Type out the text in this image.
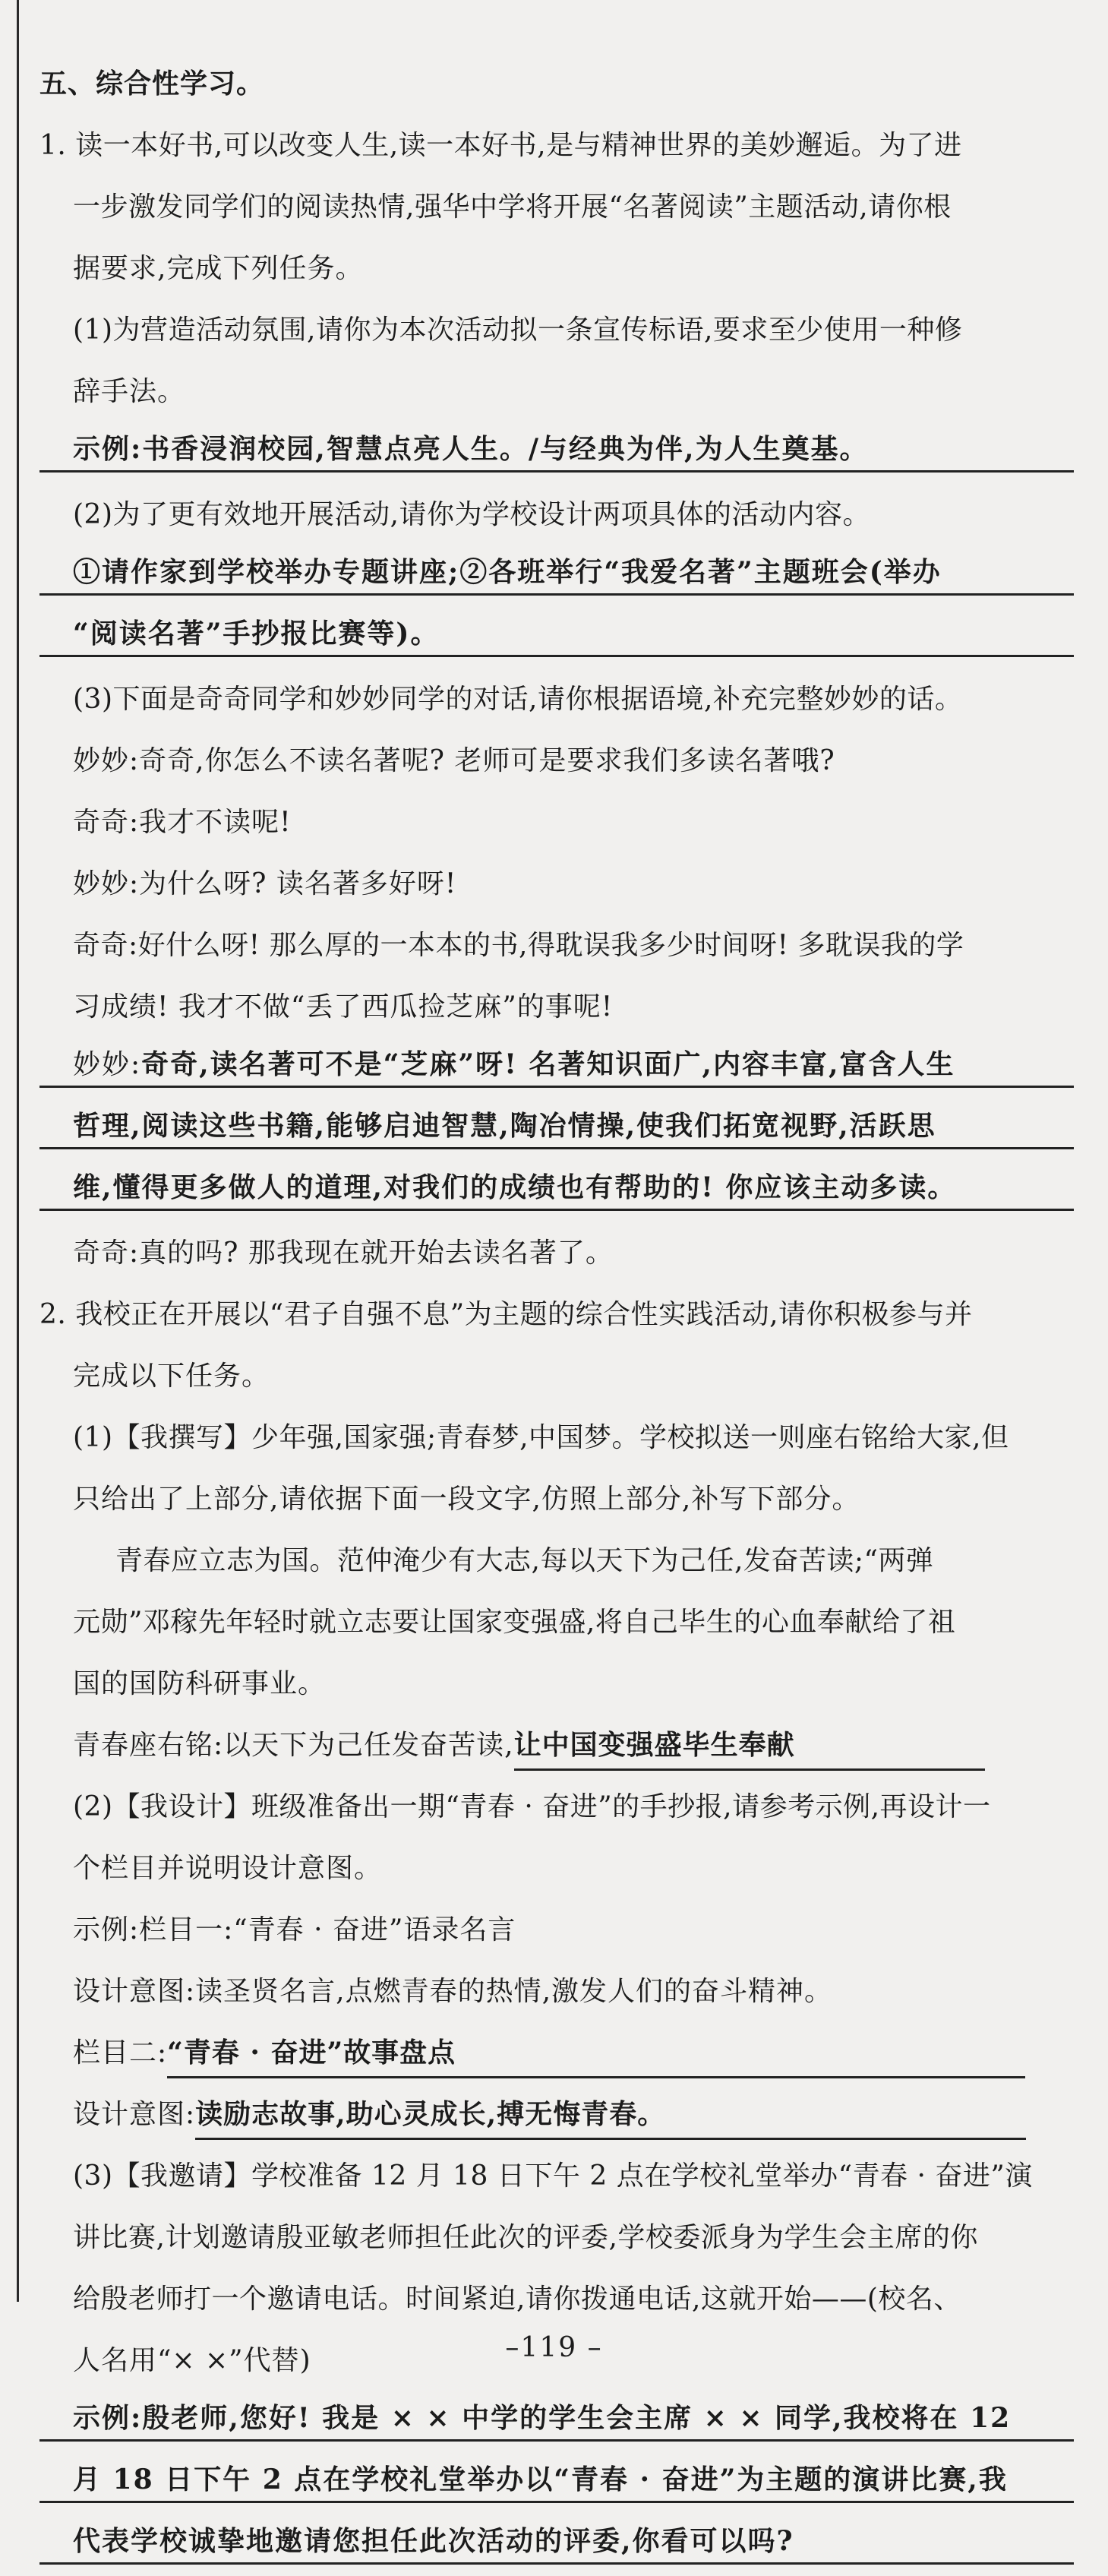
五、综合性学习。
1. 读一本好书,可以改变人生,读一本好书,是与精神世界的美妙邂逅。为了进
一步激发同学们的阅读热情,强华中学将开展“名著阅读”主题活动,请你根
据要求,完成下列任务。
(1)为营造活动氛围,请你为本次活动拟一条宣传标语,要求至少使用一种修
辞手法。
示例:书香浸润校园,智慧点亮人生。/与经典为伴,为人生奠基。
(2)为了更有效地开展活动,请你为学校设计两项具体的活动内容。
①请作家到学校举办专题讲座;②各班举行“我爱名著”主题班会(举办
“阅读名著”手抄报比赛等)。
(3)下面是奇奇同学和妙妙同学的对话,请你根据语境,补充完整妙妙的话。
妙妙:奇奇,你怎么不读名著呢? 老师可是要求我们多读名著哦?
奇奇:我才不读呢!
妙妙:为什么呀? 读名著多好呀!
奇奇:好什么呀! 那么厚的一本本的书,得耽误我多少时间呀! 多耽误我的学
习成绩! 我才不做“丢了西瓜捡芝麻”的事呢!
妙妙:奇奇,读名著可不是“芝麻”呀! 名著知识面广,内容丰富,富含人生
哲理,阅读这些书籍,能够启迪智慧,陶冶情操,使我们拓宽视野,活跃思
维,懂得更多做人的道理,对我们的成绩也有帮助的! 你应该主动多读。
奇奇:真的吗? 那我现在就开始去读名著了。
2. 我校正在开展以“君子自强不息”为主题的综合性实践活动,请你积极参与并
完成以下任务。
(1)【我撰写】少年强,国家强;青春梦,中国梦。学校拟送一则座右铭给大家,但
只给出了上部分,请依据下面一段文字,仿照上部分,补写下部分。
青春应立志为国。范仲淹少有大志,每以天下为己任,发奋苦读;“两弹
元勋”邓稼先年轻时就立志要让国家变强盛,将自己毕生的心血奉献给了祖
国的国防科研事业。
青春座右铭:以天下为己任发奋苦读,让中国变强盛毕生奉献
(2)【我设计】班级准备出一期“青春 · 奋进”的手抄报,请参考示例,再设计一
个栏目并说明设计意图。
示例:栏目一:“青春 · 奋进”语录名言
设计意图:读圣贤名言,点燃青春的热情,激发人们的奋斗精神。
栏目二:“青春 · 奋进”故事盘点
设计意图:读励志故事,助心灵成长,搏无悔青春。
(3)【我邀请】学校准备 12 月 18 日下午 2 点在学校礼堂举办“青春 · 奋进”演
讲比赛,计划邀请殷亚敏老师担任此次的评委,学校委派身为学生会主席的你
给殷老师打一个邀请电话。时间紧迫,请你拨通电话,这就开始——(校名、
人名用“× ×”代替)
示例:殷老师,您好! 我是 × × 中学的学生会主席 × × 同学,我校将在 12
月 18 日下午 2 点在学校礼堂举办以“青春 · 奋进”为主题的演讲比赛,我
代表学校诚挚地邀请您担任此次活动的评委,你看可以吗?
–119 –
